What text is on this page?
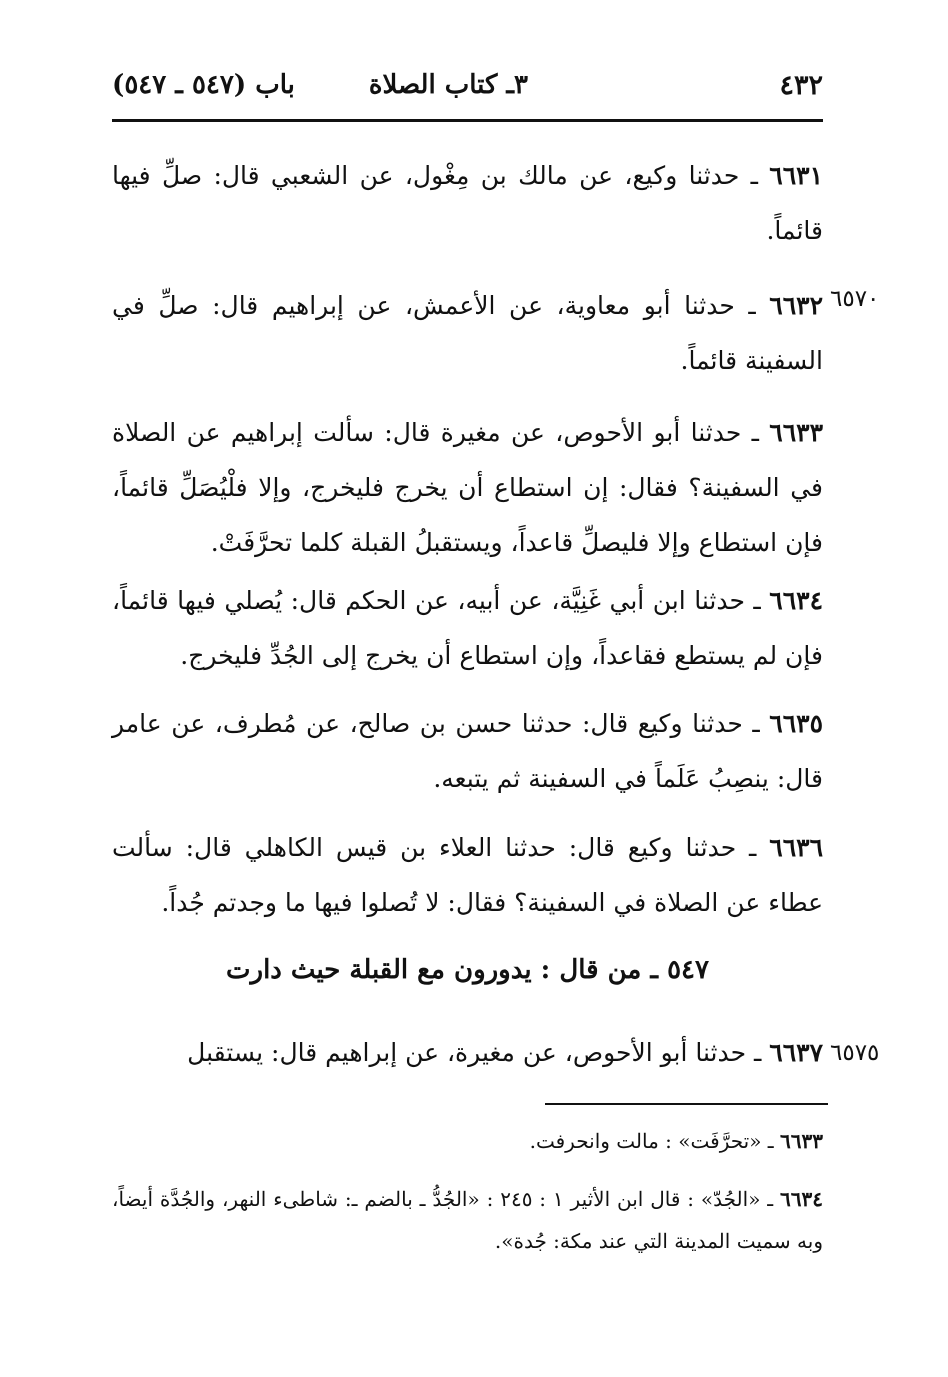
٤٣٢
٣ـ كتاب الصلاة
باب (٥٤٧ ـ ٥٤٧)
٦٦٣١ ـ حدثنا وكيع، عن مالك بن مِغْول، عن الشعبي قال: صلِّ فيها قائماً.
٦٥٧٠
٦٦٣٢ ـ حدثنا أبو معاوية، عن الأعمش، عن إبراهيم قال: صلِّ في السفينة قائماً.
٦٦٣٣ ـ حدثنا أبو الأحوص، عن مغيرة قال: سألت إبراهيم عن الصلاة في السفينة؟ فقال: إن استطاع أن يخرج فليخرج، وإلا فلْيُصَلِّ قائماً، فإن استطاع وإلا فليصلِّ قاعداً، ويستقبلُ القبلة كلما تحرَّفَتْ.
٦٦٣٤ ـ حدثنا ابن أبي غَنِيَّة، عن أبيه، عن الحكم قال: يُصلي فيها قائماً، فإن لم يستطع فقاعداً، وإن استطاع أن يخرج إلى الجُدِّ فليخرج.
٦٦٣٥ ـ حدثنا وكيع قال: حدثنا حسن بن صالح، عن مُطرف، عن عامر قال: ينصِبُ عَلَماً في السفينة ثم يتبعه.
٦٦٣٦ ـ حدثنا وكيع قال: حدثنا العلاء بن قيس الكاهلي قال: سألت عطاء عن الصلاة في السفينة؟ فقال: لا تُصلوا فيها ما وجدتم جُداً.
٥٤٧ ـ من قال : يدورون مع القبلة حيث دارت
٦٥٧٥
٦٦٣٧ ـ حدثنا أبو الأحوص، عن مغيرة، عن إبراهيم قال: يستقبل
٦٦٣٣ ـ «تحرَّفَت» : مالت وانحرفت.
٦٦٣٤ ـ «الجُدّ» : قال ابن الأثير ١ : ٢٤٥ : «الجُدُّ ـ بالضم ـ: شاطىء النهر، والجُدَّة أيضاً، وبه سميت المدينة التي عند مكة: جُدة».
